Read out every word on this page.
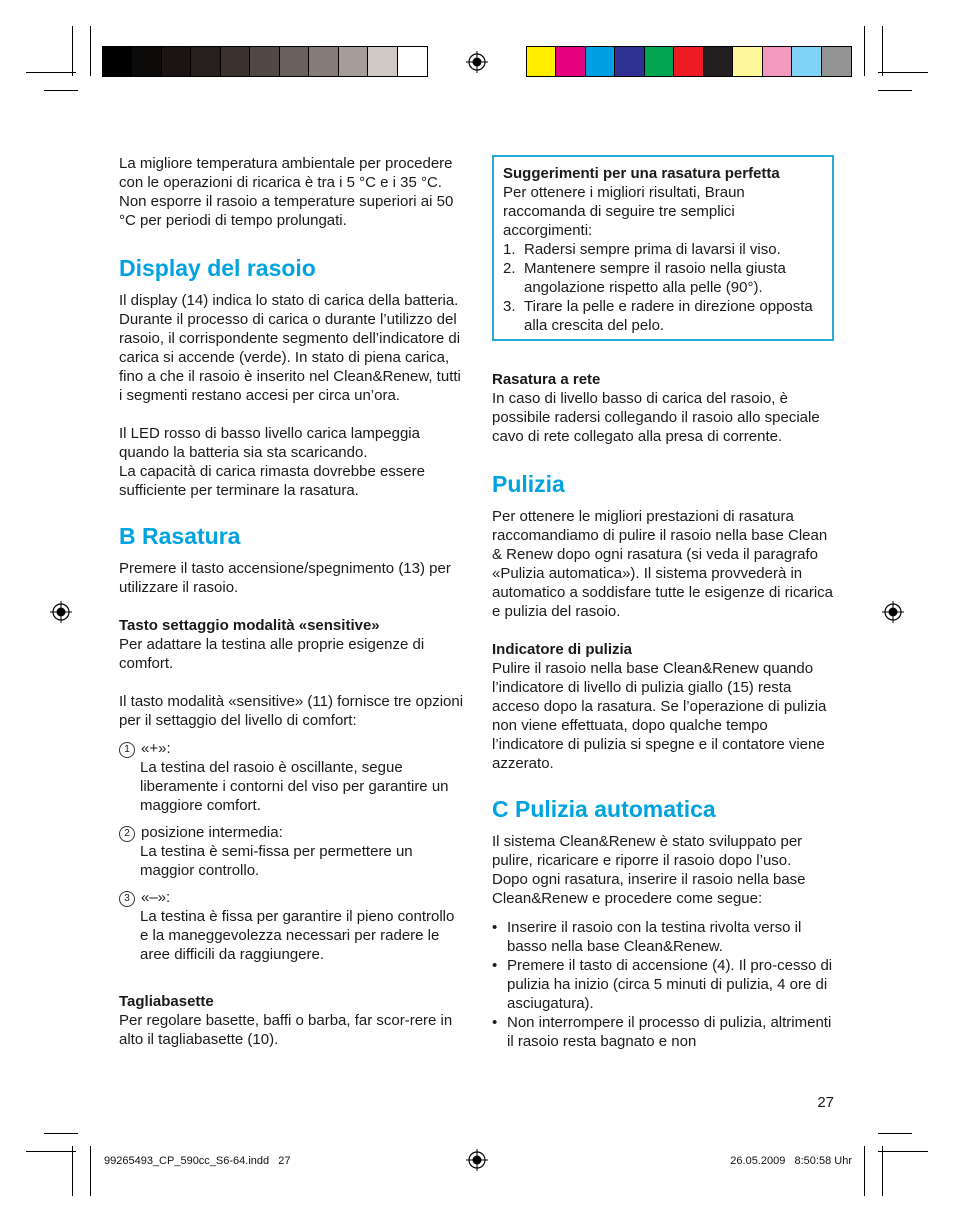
La migliore temperatura ambientale per procedere con le operazioni di ricarica è tra i 5 °C e i 35 °C. Non esporre il rasoio a temperature superiori ai 50 °C per periodi di tempo prolungati.

Display del rasoio

Il display (14) indica lo stato di carica della batteria. Durante il processo di carica o durante l’utilizzo del rasoio, il corrispondente segmento dell’indicatore di carica si accende (verde). In stato di piena carica, fino a che il rasoio è inserito nel Clean&Renew, tutti i segmenti restano accesi per circa un’ora.

Il LED rosso di basso livello carica lampeggia quando la batteria sia sta scaricando.

La capacità di carica rimasta dovrebbe essere sufficiente per terminare la rasatura.

B Rasatura

Premere il tasto accensione/spegnimento (13) per utilizzare il rasoio.

Tasto settaggio modalità «sensitive»

Per adattare la testina alle proprie esigenze di comfort.

Il tasto modalità «sensitive» (11) fornisce tre opzioni per il settaggio del livello di comfort:

1 «+»:

La testina del rasoio è oscillante, segue liberamente i contorni del viso per garantire un maggiore comfort.

2 posizione intermedia:

La testina è semi-fissa per permettere un maggior controllo.

3 «–»:

La testina è fissa per garantire il pieno controllo e la maneggevolezza necessari per radere le aree difficili da raggiungere.

Tagliabasette

Per regolare basette, baffi o barba, far scor-rere in alto il tagliabasette (10).

Suggerimenti per una rasatura perfetta

Per ottenere i migliori risultati, Braun raccomanda di seguire tre semplici accorgimenti:

1. Radersi sempre prima di lavarsi il viso.
2. Mantenere sempre il rasoio nella giusta angolazione rispetto alla pelle (90°).
3. Tirare la pelle e radere in direzione opposta alla crescita del pelo.

Rasatura a rete

In caso di livello basso di carica del rasoio, è possibile radersi collegando il rasoio allo speciale cavo di rete collegato alla presa di corrente.

Pulizia

Per ottenere le migliori prestazioni di rasatura raccomandiamo di pulire il rasoio nella base Clean & Renew dopo ogni rasatura (si veda il paragrafo «Pulizia automatica»). Il sistema provvederà in automatico a soddisfare tutte le esigenze di ricarica e pulizia del rasoio.

Indicatore di pulizia

Pulire il rasoio nella base Clean&Renew quando l’indicatore di livello di pulizia giallo (15) resta acceso dopo la rasatura. Se l’operazione di pulizia non viene effettuata, dopo qualche tempo l’indicatore di pulizia si spegne e il contatore viene azzerato.

C Pulizia automatica

Il sistema Clean&Renew è stato sviluppato per pulire, ricaricare e riporre il rasoio dopo l’uso.

Dopo ogni rasatura, inserire il rasoio nella base Clean&Renew e procedere come segue:

• Inserire il rasoio con la testina rivolta verso il basso nella base Clean&Renew.
• Premere il tasto di accensione (4). Il pro-cesso di pulizia ha inizio (circa 5 minuti di pulizia, 4 ore di asciugatura).
• Non interrompere il processo di pulizia, altrimenti il rasoio resta bagnato e non
27
99265493_CP_590cc_S6-64.indd   27	26.05.2009   8:50:58 Uhr
